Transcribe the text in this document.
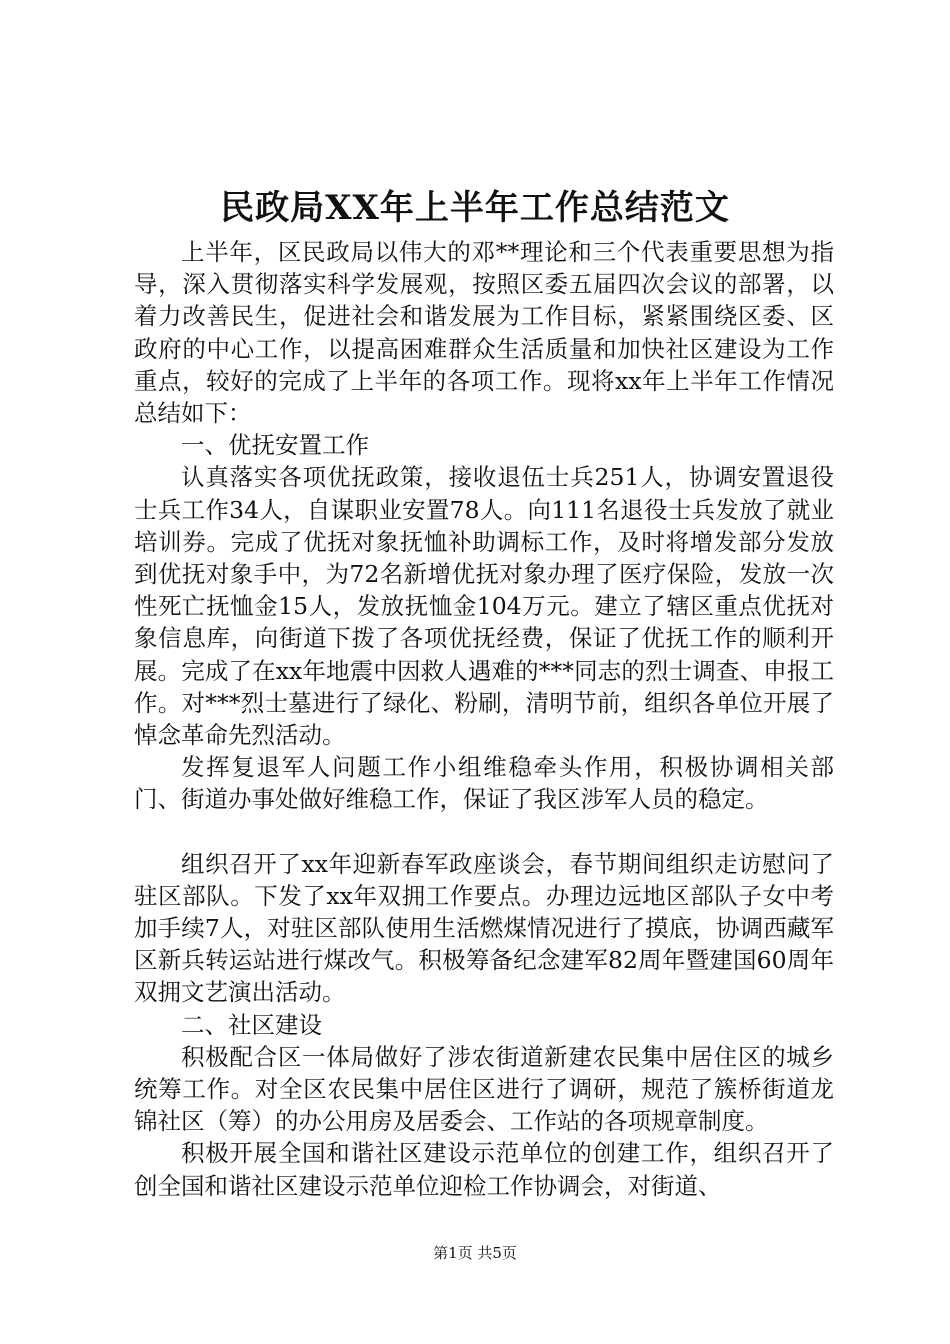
民政局XX年上半年工作总结范文

上半年，区民政局以伟大的邓**理论和三个代表重要思想为指导，深入贯彻落实科学发展观，按照区委五届四次会议的部署，以着力改善民生，促进社会和谐发展为工作目标，紧紧围绕区委、区政府的中心工作，以提高困难群众生活质量和加快社区建设为工作重点，较好的完成了上半年的各项工作。现将xx年上半年工作情况总结如下：

一、优抚安置工作

认真落实各项优抚政策，接收退伍士兵251人，协调安置退役士兵工作34人，自谋职业安置78人。向111名退役士兵发放了就业培训券。完成了优抚对象抚恤补助调标工作，及时将增发部分发放到优抚对象手中，为72名新增优抚对象办理了医疗保险，发放一次性死亡抚恤金15人，发放抚恤金104万元。建立了辖区重点优抚对象信息库，向街道下拨了各项优抚经费，保证了优抚工作的顺利开展。完成了在xx年地震中因救人遇难的***同志的烈士调查、申报工作。对***烈士墓进行了绿化、粉刷，清明节前，组织各单位开展了悼念革命先烈活动。

发挥复退军人问题工作小组维稳牵头作用，积极协调相关部门、街道办事处做好维稳工作，保证了我区涉军人员的稳定。

组织召开了xx年迎新春军政座谈会，春节期间组织走访慰问了驻区部队。下发了xx年双拥工作要点。办理边远地区部队子女中考加手续7人，对驻区部队使用生活燃煤情况进行了摸底，协调西藏军区新兵转运站进行煤改气。积极筹备纪念建军82周年暨建国60周年双拥文艺演出活动。

二、社区建设

积极配合区一体局做好了涉农街道新建农民集中居住区的城乡统筹工作。对全区农民集中居住区进行了调研，规范了簇桥街道龙锦社区（筹）的办公用房及居委会、工作站的各项规章制度。

积极开展全国和谐社区建设示范单位的创建工作，组织召开了创全国和谐社区建设示范单位迎检工作协调会，对街道、

第1页 共5页
